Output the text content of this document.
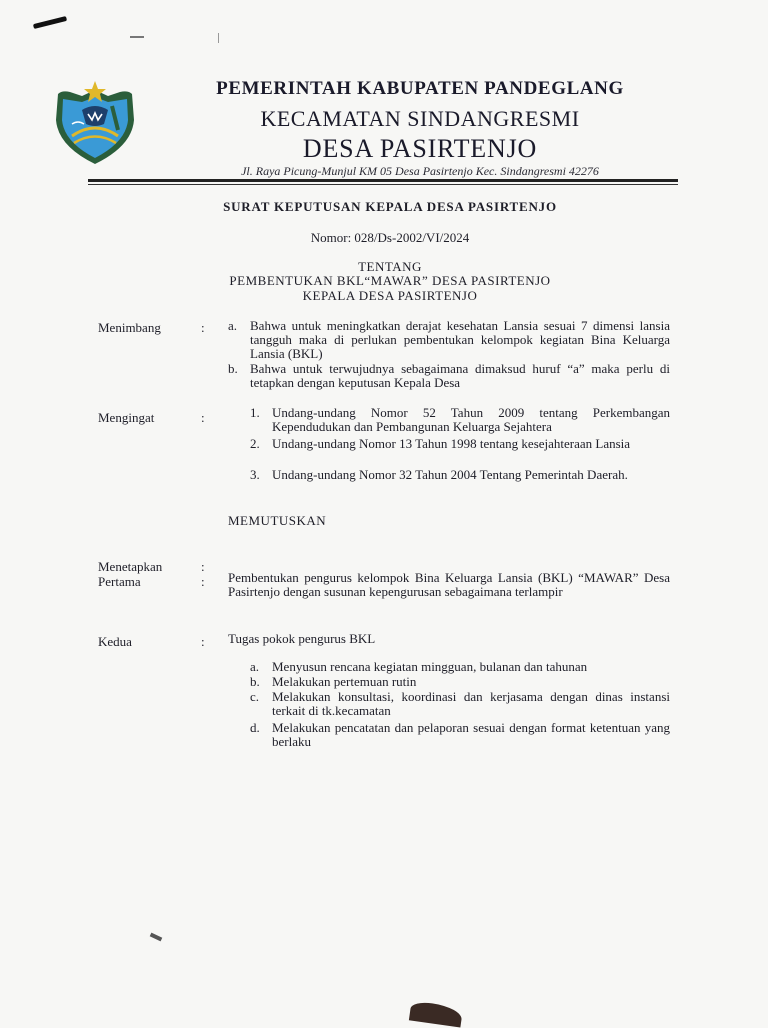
PEMERINTAH KABUPATEN PANDEGLANG
KECAMATAN SINDANGRESMI
DESA PASIRTENJO
Jl. Raya Picung-Munjul KM 05 Desa Pasirtenjo Kec. Sindangresmi 42276
SURAT KEPUTUSAN KEPALA DESA PASIRTENJO
Nomor: 028/Ds-2002/VI/2024
TENTANG
PEMBENTUKAN BKL“MAWAR” DESA PASIRTENJO
KEPALA DESA PASIRTENJO
Menimbang	: a. Bahwa untuk meningkatkan derajat kesehatan Lansia sesuai 7 dimensi lansia tangguh maka di perlukan pembentukan kelompok kegiatan Bina Keluarga Lansia (BKL)
b. Bahwa untuk terwujudnya sebagaimana dimaksud huruf “a” maka perlu di tetapkan dengan keputusan Kepala Desa
Mengingat	:	1. Undang-undang Nomor 52 Tahun 2009 tentang Perkembangan Kependudukan dan Pembangunan Keluarga Sejahtera
2. Undang-undang Nomor 13 Tahun 1998 tentang kesejahteraan Lansia
3. Undang-undang Nomor 32 Tahun 2004 Tentang Pemerintah Daerah.
MEMUTUSKAN
Menetapkan	:
Pertama	: Pembentukan pengurus kelompok Bina Keluarga Lansia (BKL) “MAWAR” Desa Pasirtenjo dengan susunan kepengurusan sebagaimana terlampir
Kedua	: Tugas pokok pengurus BKL
a. Menyusun rencana kegiatan mingguan, bulanan dan tahunan
b. Melakukan pertemuan rutin
c. Melakukan konsultasi, koordinasi dan kerjasama dengan dinas instansi terkait di tk.kecamatan
d. Melakukan pencatatan dan pelaporan sesuai dengan format ketentuan yang berlaku
